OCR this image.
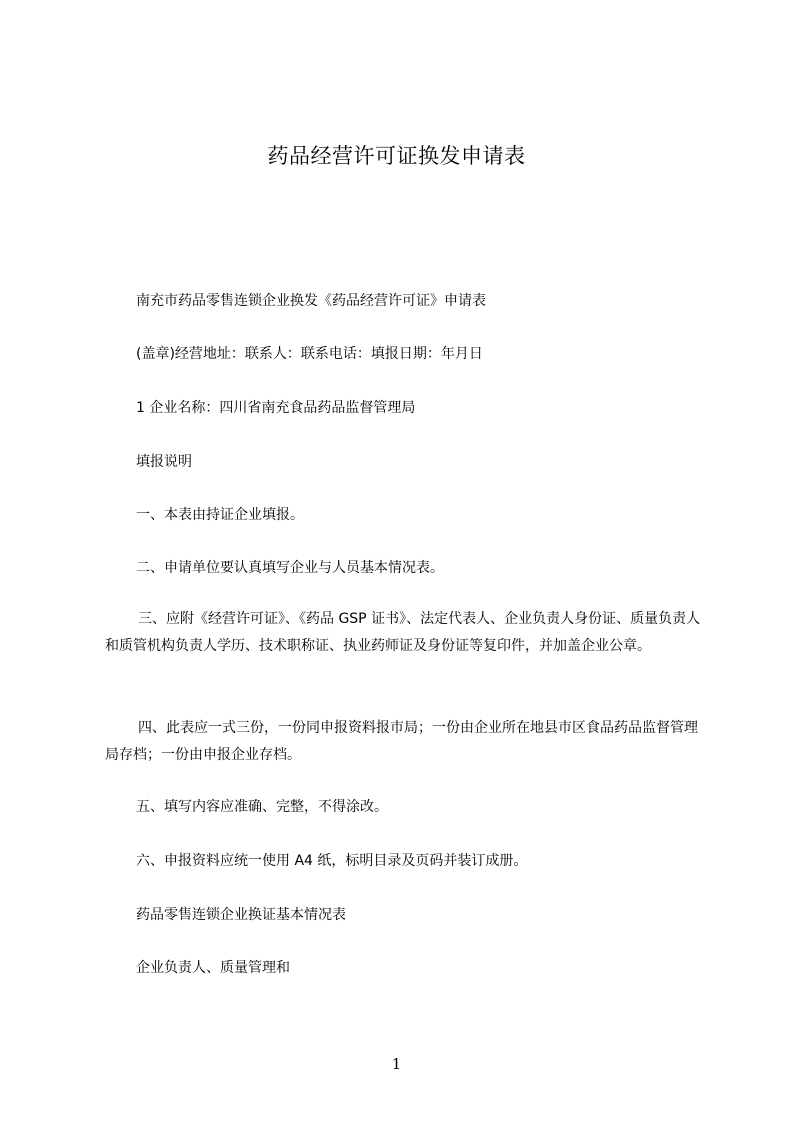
药品经营许可证换发申请表
南充市药品零售连锁企业换发《药品经营许可证》申请表
(盖章)经营地址：联系人：联系电话：填报日期：年月日
1 企业名称：四川省南充食品药品监督管理局
填报说明
一、本表由持证企业填报。
二、申请单位要认真填写企业与人员基本情况表。
三、应附《经营许可证》、《药品 GSP 证书》、法定代表人、企业负责人身份证、质量负责人和质管机构负责人学历、技术职称证、执业药师证及身份证等复印件，并加盖企业公章。
四、此表应一式三份，一份同申报资料报市局；一份由企业所在地县市区食品药品监督管理局存档；一份由申报企业存档。
五、填写内容应准确、完整，不得涂改。
六、申报资料应统一使用 A4 纸，标明目录及页码并装订成册。
药品零售连锁企业换证基本情况表
企业负责人、质量管理和
1
